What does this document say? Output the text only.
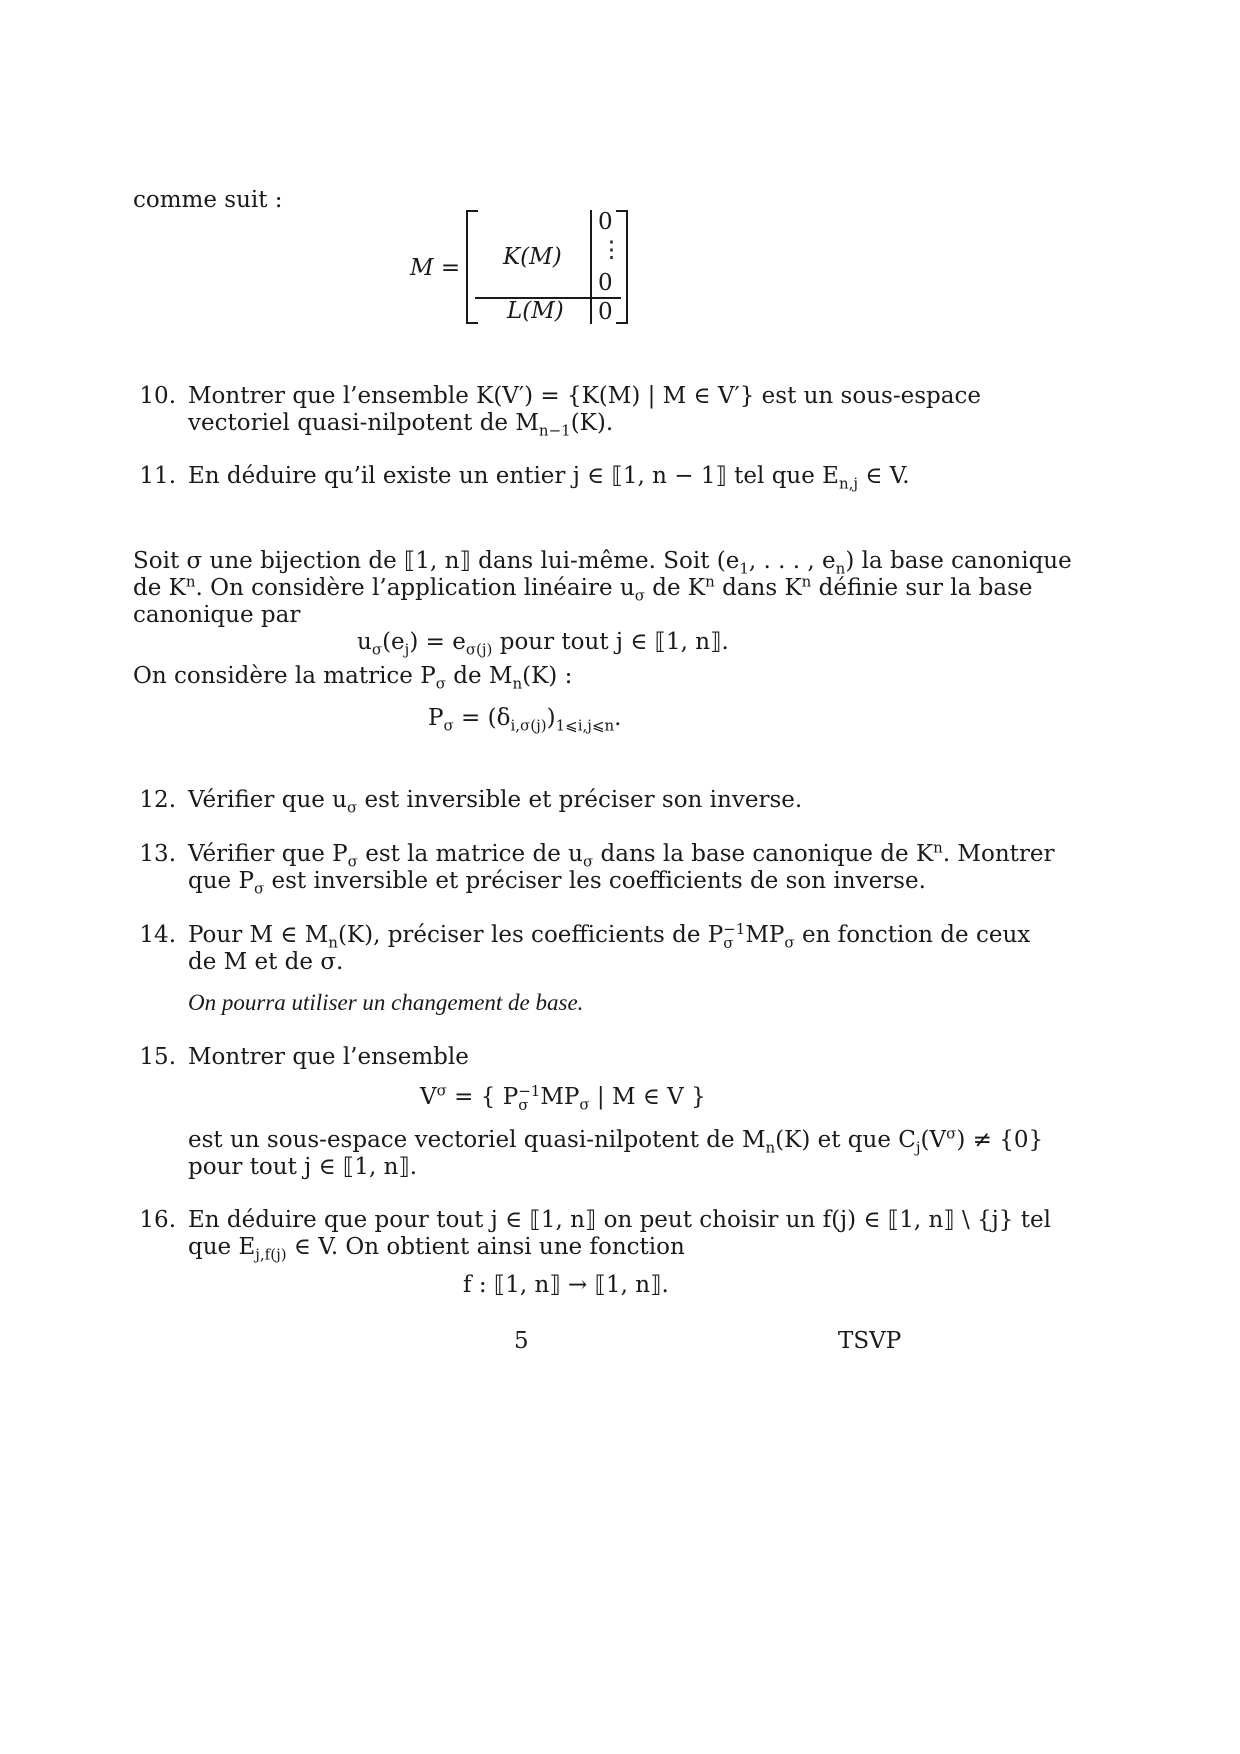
comme suit :
M = K(M)
L(M)
0
⋮
0
0
10. Montrer que l’ensemble K(V′) = {K(M) | M ∈ V′} est un sous-espace
vectoriel quasi-nilpotent de $M_{n-1}(K)$.
11. En déduire qu’il existe un entier j ∈ ⟦1, n − 1⟧ tel que $E_{n,j}$ ∈ V.
Soit σ une bijection de ⟦1, n⟧ dans lui-même. Soit ($e_1$, . . . , $e_n$) la base canonique
de $K^n$. On considère l’application linéaire $u_\sigma$ de $K^n$ dans $K^n$ définie sur la base
canonique par
$u_\sigma(e_j) = e_{\sigma(j)}$ pour tout j ∈ ⟦1, n⟧.
On considère la matrice $P_\sigma$ de $M_n(K)$ :
$P_\sigma = (\delta_{i,\sigma(j)})_{1⩽i,j⩽n}$.
12. Vérifier que $u_\sigma$ est inversible et préciser son inverse.
13. Vérifier que $P_\sigma$ est la matrice de $u_\sigma$ dans la base canonique de $K^n$. Montrer
que $P_\sigma$ est inversible et préciser les coefficients de son inverse.
14. Pour M ∈ $M_n(K)$, préciser les coefficients de P −1
σ $MP_\sigma$ en fonction de ceux
de M et de σ.
On pourra utiliser un changement de base.
15. Montrer que l’ensemble
$V^\sigma$ = { P −1
σ $MP_\sigma$ | M ∈ V }
est un sous-espace vectoriel quasi-nilpotent de $M_n(K)$ et que $C_j(V^\sigma) \ne \{0\}$
pour tout j ∈ ⟦1, n⟧.
16. En déduire que pour tout j ∈ ⟦1, n⟧ on peut choisir un f(j) ∈ ⟦1, n⟧ \ {j} tel
que $E_{j,f(j)}$ ∈ V. On obtient ainsi une fonction
f : ⟦1, n⟧ → ⟦1, n⟧.
5	TSVP
